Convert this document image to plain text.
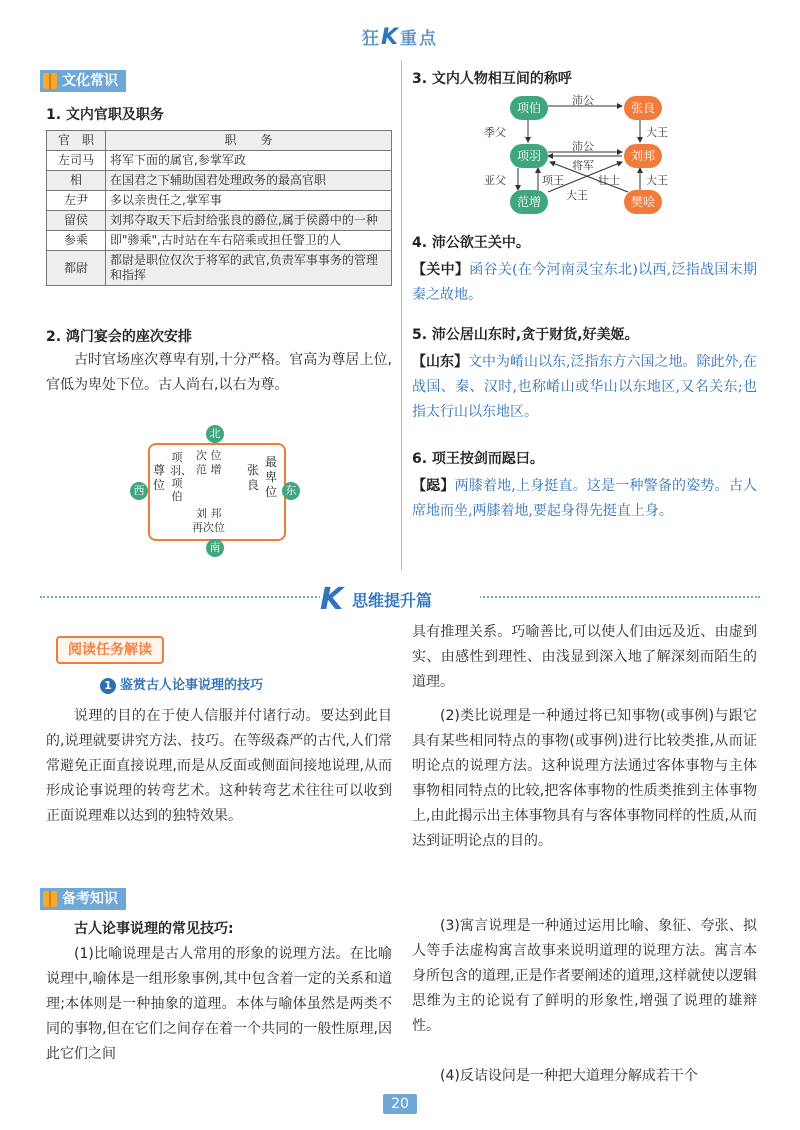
狂K重点
文化常识
1. 文内官职及职务
官　职	职　　务
左司马	将军下面的属官,参掌军政
相	在国君之下辅助国君处理政务的最高官职
左尹	多以亲贵任之,掌军事
留侯	刘邦夺取天下后封给张良的爵位,属于侯爵中的一种
参乘	即"骖乘",古时站在车右陪乘或担任警卫的人
都尉	都尉是职位仅次于将军的武官,负责军事事务的管理和指挥
2. 鸿门宴会的座次安排
古时官场座次尊卑有别,十分严格。官高为尊居上位,官低为卑处下位。古人尚右,以右为尊。
北
南
西	东
次 位
范 增
刘 邦
再次位
尊位
项羽、项伯
张良
最卑位
3. 文内人物相互间的称呼
项伯	张良
项羽	刘邦
范增	樊哙
沛公
季父	大王
沛公
将军
亚父	项王	壮士
大王
大王
4. 沛公欲王关中。
【关中】函谷关(在今河南灵宝东北)以西,泛指战国末期秦之故地。
5. 沛公居山东时,贪于财货,好美姬。
【山东】文中为崤山以东,泛指东方六国之地。除此外,在战国、秦、汉时,也称崤山或华山以东地区,又名关东;也指太行山以东地区。
6. 项王按剑而跽曰。
【跽】两膝着地,上身挺直。这是一种警备的姿势。古人席地而坐,两膝着地,要起身得先挺直上身。
K 思维提升篇
阅读任务解读
1 鉴赏古人论事说理的技巧
说理的目的在于使人信服并付诸行动。要达到此目的,说理就要讲究方法、技巧。在等级森严的古代,人们常常避免正面直接说理,而是从反面或侧面间接地说理,从而形成论事说理的转弯艺术。这种转弯艺术往往可以收到正面说理难以达到的独特效果。
备考知识
古人论事说理的常见技巧:
(1)比喻说理是古人常用的形象的说理方法。在比喻说理中,喻体是一组形象事例,其中包含着一定的关系和道理;本体则是一种抽象的道理。本体与喻体虽然是两类不同的事物,但在它们之间存在着一个共同的一般性原理,因此它们之间
具有推理关系。巧喻善比,可以使人们由远及近、由虚到实、由感性到理性、由浅显到深入地了解深刻而陌生的道理。
(2)类比说理是一种通过将已知事物(或事例)与跟它具有某些相同特点的事物(或事例)进行比较类推,从而证明论点的说理方法。这种说理方法通过客体事物与主体事物相同特点的比较,把客体事物的性质类推到主体事物上,由此揭示出主体事物具有与客体事物同样的性质,从而达到证明论点的目的。
(3)寓言说理是一种通过运用比喻、象征、夸张、拟人等手法虚构寓言故事来说明道理的说理方法。寓言本身所包含的道理,正是作者要阐述的道理,这样就使以逻辑思维为主的论说有了鲜明的形象性,增强了说理的雄辩性。
(4)反诘设问是一种把大道理分解成若干个
20
